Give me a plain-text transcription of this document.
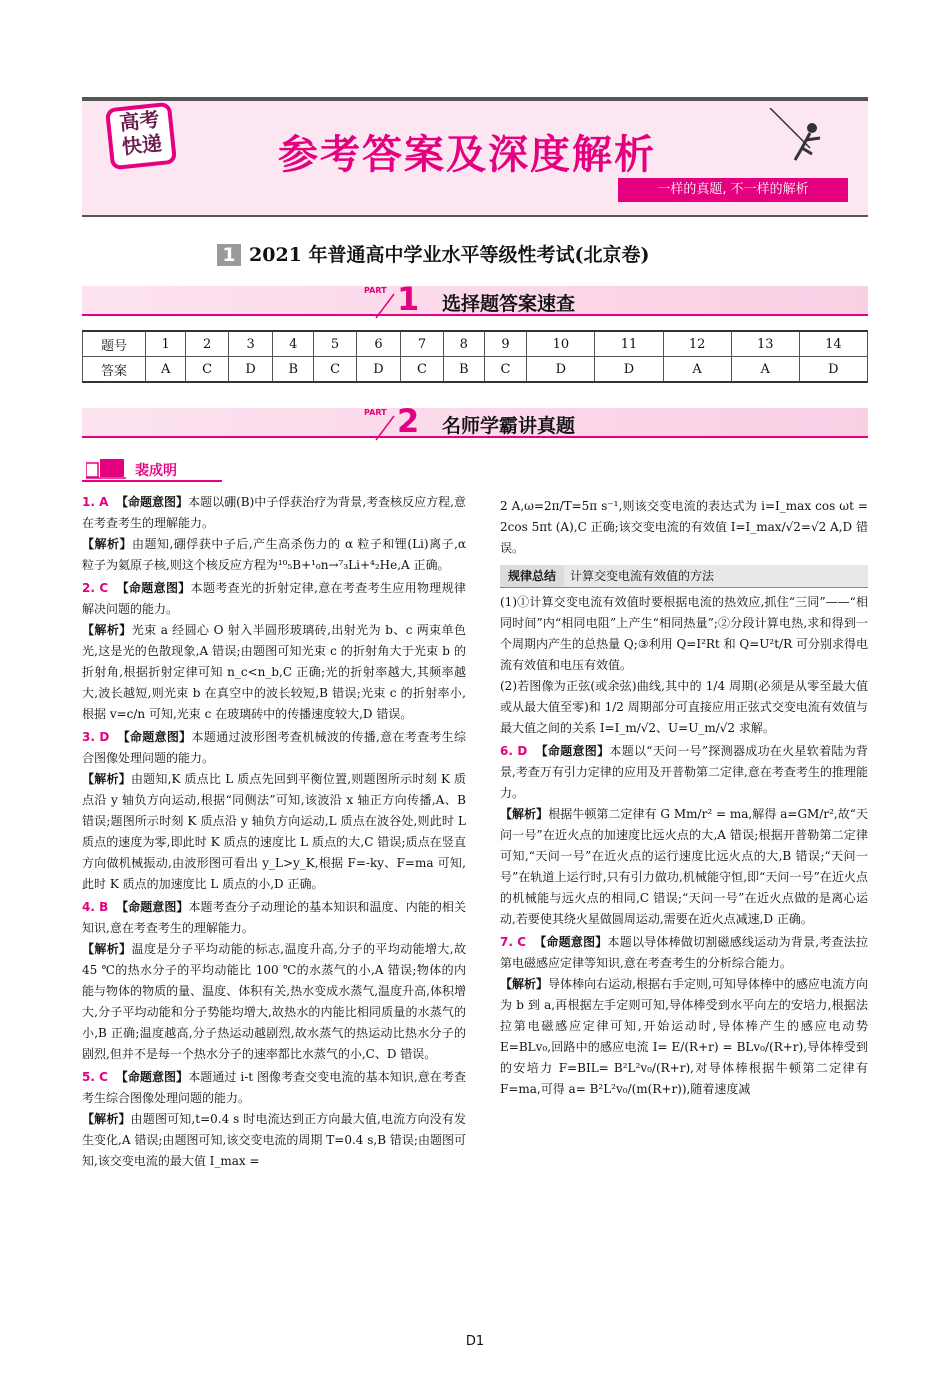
高考
快递	参考答案及深度解析
一样的真题, 不一样的解析
1 2021 年普通高中学业水平等级性考试(北京卷)
PART 1 选择题答案速查
题号	1	2	3	4	5	6	7	8	9	10	11	12	13	14
答案	A	C	D	B	C	D	C	B	C	D	D	A	A	D
PART 2 名师学霸讲真题
裴成明

1. A 【命题意图】本题以硼(B)中子俘获治疗为背景,考查核反应方程,意在考查考生的理解能力。

【解析】由题知,硼俘获中子后,产生高杀伤力的 α 粒子和锂(Li)离子,α 粒子为氦原子核,则这个核反应方程为¹⁰₅B+¹₀n→⁷₃Li+⁴₂He,A 正确。

2. C 【命题意图】本题考查光的折射定律,意在考查考生应用物理规律解决问题的能力。

【解析】光束 a 经圆心 O 射入半圆形玻璃砖,出射光为 b、c 两束单色光,这是光的色散现象,A 错误;由题图可知光束 c 的折射角大于光束 b 的折射角,根据折射定律可知 n_c<n_b,C 正确;光的折射率越大,其频率越大,波长越短,则光束 b 在真空中的波长较短,B 错误;光束 c 的折射率小,根据 v=c/n 可知,光束 c 在玻璃砖中的传播速度较大,D 错误。

3. D 【命题意图】本题通过波形图考查机械波的传播,意在考查考生综合图像处理问题的能力。

【解析】由题知,K 质点比 L 质点先回到平衡位置,则题图所示时刻 K 质点沿 y 轴负方向运动,根据“同侧法”可知,该波沿 x 轴正方向传播,A、B 错误;题图所示时刻 K 质点沿 y 轴负方向运动,L 质点在波谷处,则此时 L 质点的速度为零,即此时 K 质点的速度比 L 质点的大,C 错误;质点在竖直方向做机械振动,由波形图可看出 y_L>y_K,根据 F=-ky、F=ma 可知,此时 K 质点的加速度比 L 质点的小,D 正确。

4. B 【命题意图】本题考查分子动理论的基本知识和温度、内能的相关知识,意在考查考生的理解能力。

【解析】温度是分子平均动能的标志,温度升高,分子的平均动能增大,故 45 ℃的热水分子的平均动能比 100 ℃的水蒸气的小,A 错误;物体的内能与物体的物质的量、温度、体积有关,热水变成水蒸气,温度升高,体积增大,分子平均动能和分子势能均增大,故热水的内能比相同质量的水蒸气的小,B 正确;温度越高,分子热运动越剧烈,故水蒸气的热运动比热水分子的剧烈,但并不是每一个热水分子的速率都比水蒸气的小,C、D 错误。

5. C 【命题意图】本题通过 i-t 图像考查交变电流的基本知识,意在考查考生综合图像处理问题的能力。

【解析】由题图可知,t=0.4 s 时电流达到正方向最大值,电流方向没有发生变化,A 错误;由题图可知,该交变电流的周期 T=0.4 s,B 错误;由题图可知,该交变电流的最大值 I_max =

2 A,ω=2π/T=5π s⁻¹,则该交变电流的表达式为 i=I_max cos ωt = 2cos 5πt (A),C 正确;该交变电流的有效值 I=I_max/√2=√2 A,D 错误。

规律总结 计算交变电流有效值的方法

(1)①计算交变电流有效值时要根据电流的热效应,抓住“三同”——“相同时间”内“相同电阻”上产生“相同热量”;②分段计算电热,求和得到一个周期内产生的总热量 Q;③利用 Q=I²Rt 和 Q=U²t/R 可分别求得电流有效值和电压有效值。

(2)若图像为正弦(或余弦)曲线,其中的 1/4 周期(必须是从零至最大值或从最大值至零)和 1/2 周期部分可直接应用正弦式交变电流有效值与最大值之间的关系 I=I_m/√2、U=U_m/√2 求解。

6. D 【命题意图】本题以“天问一号”探测器成功在火星软着陆为背景,考查万有引力定律的应用及开普勒第二定律,意在考查考生的推理能力。

【解析】根据牛顿第二定律有 G Mm/r² = ma,解得 a=GM/r²,故“天问一号”在近火点的加速度比远火点的大,A 错误;根据开普勒第二定律可知,“天问一号”在近火点的运行速度比远火点的大,B 错误;“天问一号”在轨道上运行时,只有引力做功,机械能守恒,即“天问一号”在近火点的机械能与远火点的相同,C 错误;“天问一号”在近火点做的是离心运动,若要使其绕火星做圆周运动,需要在近火点减速,D 正确。

7. C 【命题意图】本题以导体棒做切割磁感线运动为背景,考查法拉第电磁感应定律等知识,意在考查考生的分析综合能力。

【解析】导体棒向右运动,根据右手定则,可知导体棒中的感应电流方向为 b 到 a,再根据左手定则可知,导体棒受到水平向左的安培力,根据法拉第电磁感应定律可知,开始运动时,导体棒产生的感应电动势 E=BLv₀,回路中的感应电流 I= E/(R+r) = BLv₀/(R+r),导体棒受到的安培力 F=BIL= B²L²v₀/(R+r),对导体棒根据牛顿第二定律有 F=ma,可得 a= B²L²v₀/(m(R+r)),随着速度减

D1
